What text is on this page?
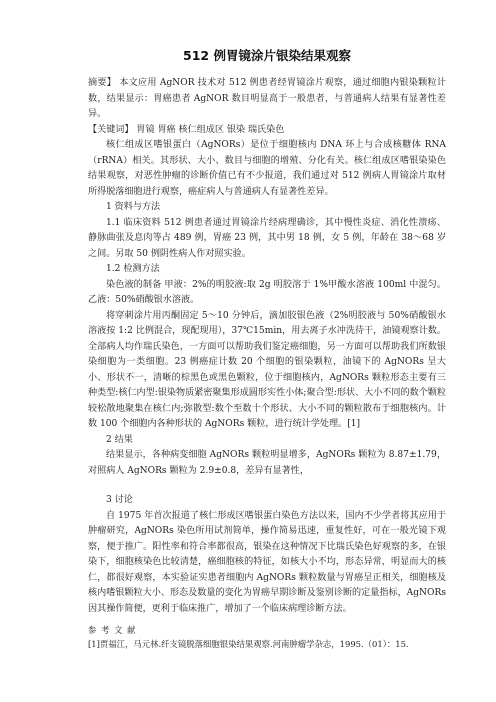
512 例胃镜涂片银染结果观察

摘要】 本文应用 AgNOR 技术对 512 例患者经胃镜涂片观察，通过细胞内银染颗粒计数，结果显示：胃癌患者 AgNOR 数目明显高于一般患者，与普通病人结果有显著性差异。

【关键词】 胃镜 胃癌 核仁组成区 银染 瑞氏染色

核仁组成区嗜银蛋白（AgNORs）是位于细胞核内 DNA 环上与合成核糖体 RNA（rRNA）相关。其形状、大小、数目与细胞的增殖、分化有关。核仁组成区嗜银染染色结果观察，对恶性肿瘤的诊断价值已有不少报道，我们通过对 512 例病人胃镜涂片取材所得脱落细胞进行观察，癌症病人与普通病人有显著性差异。

1 资料与方法

1.1 临床资料 512 例患者通过胃镜涂片经病理确诊，其中慢性炎症、消化性溃疡、静脉曲张及息肉等占 489 例，胃癌 23 例，其中男 18 例，女 5 例，年龄在 38～68 岁之间。另取 50 例阴性病人作对照实验。

1.2 检测方法

染色液的制备 甲液：2%的明胶液:取 2g 明胶溶于 1%甲酸水溶液 100ml 中混匀。乙液：50%硝酸银水溶液。

将穿刺涂片用丙酮固定 5～10 分钟后，滴加胶银色液（2%明胶液与 50%硝酸银水溶液按 1:2 比例混合，现配现用），37℃15min，用去离子水冲洗待干，油镜观察计数。全部病人均作瑞氏染色，一方面可以帮助我们鉴定癌细胞，另一方面可以帮助我们所数银染细胞为一类细胞。23 例癌症计数 20 个细胞的银染颗粒，油镜下的 AgNORs 呈大小、形状不一，清晰的棕黑色或黑色颗粒，位于细胞核内，AgNORs 颗粒形态主要有三种类型:核仁内型:银染物质紧密聚集形成圆形实性小体;聚合型:形状、大小不同的数个颗粒较松散地聚集在核仁内;弥散型:数个至数十个形状、大小不同的颗粒散布于细胞核内。计数 100 个细胞内各种形状的 AgNORs 颗粒，进行统计学处理。[1]

2 结果

结果显示，各种病变细胞 AgNORs 颗粒明显增多，AgNORs 颗粒为 8.87±1.79，对照病人 AgNORs 颗粒为 2.9±0.8，差异有显著性，

3 讨论

自 1975 年首次报道了核仁形成区嗜银蛋白染色方法以来，国内不少学者将其应用于肿瘤研究，AgNORs 染色所用试剂简单，操作简易迅速，重复性好，可在一般光镜下观察，便于推广。阳性率和符合率都很高，银染在这种情况下比瑞氏染色好观察的多，在银染下，细胞核染色比较清楚，癌细胞核的特征，如核大小不均，形态异常，明显而大的核仁，都很好观察，本实验证实患者细胞内 AgNORs 颗粒数量与胃癌呈正相关，细胞核及核内嗜银颗粒大小、形态及数量的变化为胃癌早期诊断及鉴别诊断的定量指标，AgNORs 因其操作简便，更利于临床推广，增加了一个临床病理诊断方法。

参 考 文 献

[1]贾福江，马元林.纤支镜脱落细胞银染结果观察.河南肿瘤学杂志，1995.（01）：15.
